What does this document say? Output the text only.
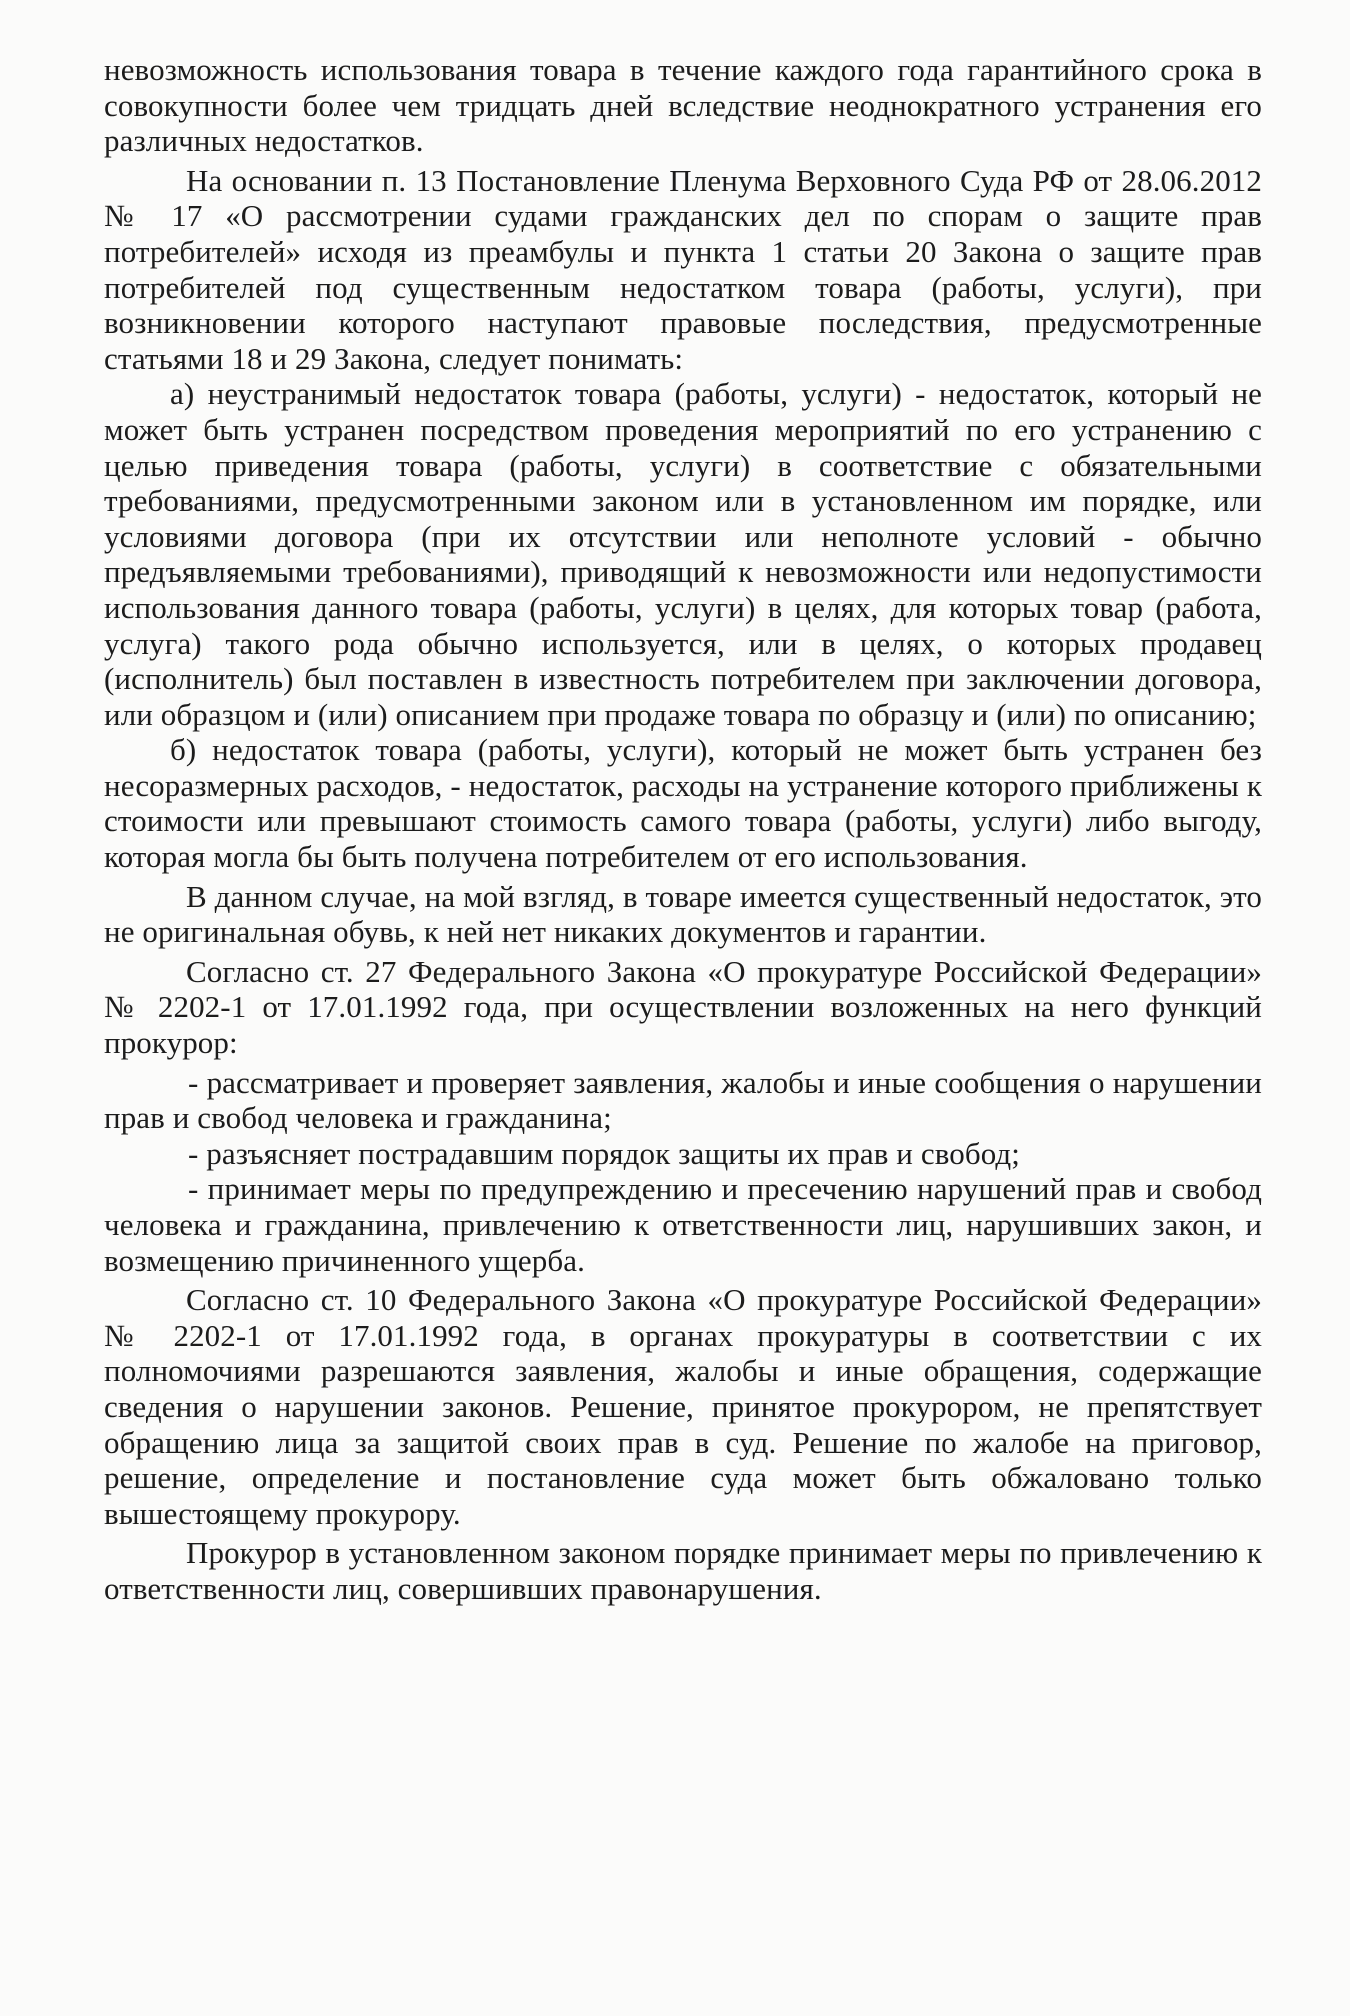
невозможность использования товара в течение каждого года гарантийного срока в совокупности более чем тридцать дней вследствие неоднократного устранения его различных недостатков.

На основании п. 13 Постановление Пленума Верховного Суда РФ от 28.06.2012 № 17 «О рассмотрении судами гражданских дел по спорам о защите прав потребителей» исходя из преамбулы и пункта 1 статьи 20 Закона о защите прав потребителей под существенным недостатком товара (работы, услуги), при возникновении которого наступают правовые последствия, предусмотренные статьями 18 и 29 Закона, следует понимать:

а) неустранимый недостаток товара (работы, услуги) - недостаток, который не может быть устранен посредством проведения мероприятий по его устранению с целью приведения товара (работы, услуги) в соответствие с обязательными требованиями, предусмотренными законом или в установленном им порядке, или условиями договора (при их отсутствии или неполноте условий - обычно предъявляемыми требованиями), приводящий к невозможности или недопустимости использования данного товара (работы, услуги) в целях, для которых товар (работа, услуга) такого рода обычно используется, или в целях, о которых продавец (исполнитель) был поставлен в известность потребителем при заключении договора, или образцом и (или) описанием при продаже товара по образцу и (или) по описанию;

б) недостаток товара (работы, услуги), который не может быть устранен без несоразмерных расходов, - недостаток, расходы на устранение которого приближены к стоимости или превышают стоимость самого товара (работы, услуги) либо выгоду, которая могла бы быть получена потребителем от его использования.

В данном случае, на мой взгляд, в товаре имеется существенный недостаток, это не оригинальная обувь, к ней нет никаких документов и гарантии.

Согласно ст. 27 Федерального Закона «О прокуратуре Российской Федерации» № 2202-1 от 17.01.1992 года, при осуществлении возложенных на него функций прокурор:

- рассматривает и проверяет заявления, жалобы и иные сообщения о нарушении прав и свобод человека и гражданина;

- разъясняет пострадавшим порядок защиты их прав и свобод;

- принимает меры по предупреждению и пресечению нарушений прав и свобод человека и гражданина, привлечению к ответственности лиц, нарушивших закон, и возмещению причиненного ущерба.

Согласно ст. 10 Федерального Закона «О прокуратуре Российской Федерации» № 2202-1 от 17.01.1992 года, в органах прокуратуры в соответствии с их полномочиями разрешаются заявления, жалобы и иные обращения, содержащие сведения о нарушении законов. Решение, принятое прокурором, не препятствует обращению лица за защитой своих прав в суд. Решение по жалобе на приговор, решение, определение и постановление суда может быть обжаловано только вышестоящему прокурору.

Прокурор в установленном законом порядке принимает меры по привлечению к ответственности лиц, совершивших правонарушения.
